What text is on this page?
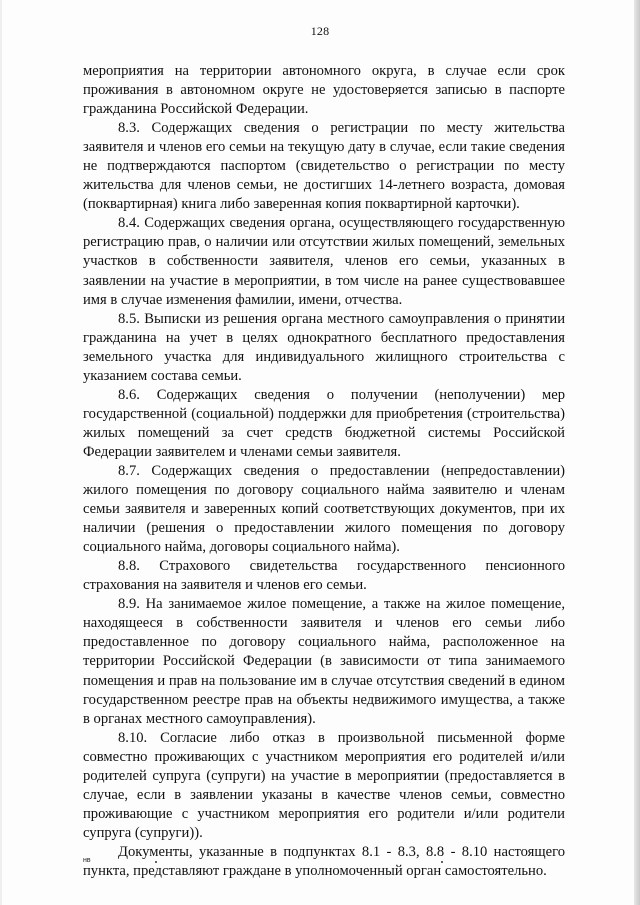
128

мероприятия на территории автономного округа, в случае если срок проживания в автономном округе не удостоверяется записью в паспорте гражданина Российской Федерации.

8.3. Содержащих сведения о регистрации по месту жительства заявителя и членов его семьи на текущую дату в случае, если такие сведения не подтверждаются паспортом (свидетельство о регистрации по месту жительства для членов семьи, не достигших 14-летнего возраста, домовая (поквартирная) книга либо заверенная копия поквартирной карточки).

8.4. Содержащих сведения органа, осуществляющего государственную регистрацию прав, о наличии или отсутствии жилых помещений, земельных участков в собственности заявителя, членов его семьи, указанных в заявлении на участие в мероприятии, в том числе на ранее существовавшее имя в случае изменения фамилии, имени, отчества.

8.5. Выписки из решения органа местного самоуправления о принятии гражданина на учет в целях однократного бесплатного предоставления земельного участка для индивидуального жилищного строительства с указанием состава семьи.

8.6. Содержащих сведения о получении (неполучении) мер государственной (социальной) поддержки для приобретения (строительства) жилых помещений за счет средств бюджетной системы Российской Федерации заявителем и членами семьи заявителя.

8.7. Содержащих сведения о предоставлении (непредоставлении) жилого помещения по договору социального найма заявителю и членам семьи заявителя и заверенных копий соответствующих документов, при их наличии (решения о предоставлении жилого помещения по договору социального найма, договоры социального найма).

8.8. Страхового свидетельства государственного пенсионного страхования на заявителя и членов его семьи.

8.9. На занимаемое жилое помещение, а также на жилое помещение, находящееся в собственности заявителя и членов его семьи либо предоставленное по договору социального найма, расположенное на территории Российской Федерации (в зависимости от типа занимаемого помещения и прав на пользование им в случае отсутствия сведений в едином государственном реестре прав на объекты недвижимого имущества, а также в органах местного самоуправления).

8.10. Согласие либо отказ в произвольной письменной форме совместно проживающих с участником мероприятия его родителей и/или родителей супруга (супруги) на участие в мероприятии (предоставляется в случае, если в заявлении указаны в качестве членов семьи, совместно проживающие с участником мероприятия его родители и/или родители супруга (супруги)).

Документы, указанные в подпунктах 8.1 - 8.3, 8.8 - 8.10 настоящего пункта, представляют граждане в уполномоченный орган самостоятельно.

нв
